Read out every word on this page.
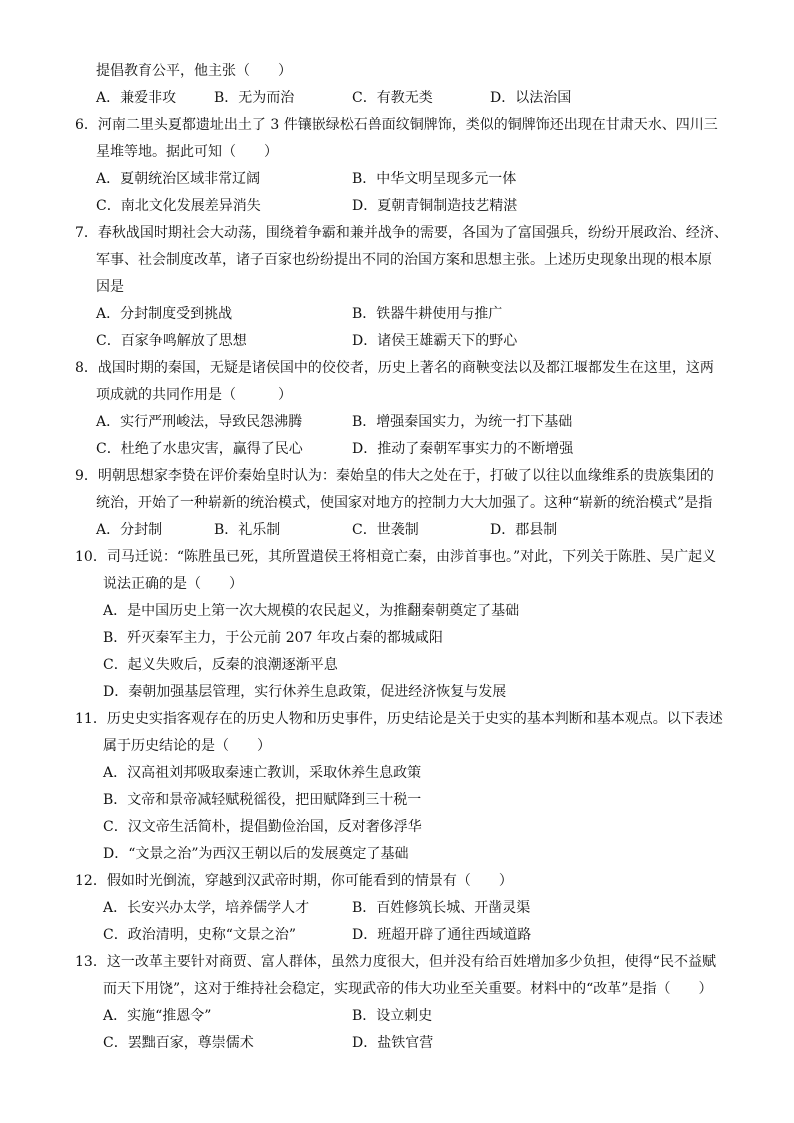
提倡教育公平，他主张（　　）
A．兼爱非攻	B．无为而治	C．有教无类	D．以法治国
6．河南二里头夏都遗址出土了 3 件镶嵌绿松石兽面纹铜牌饰，类似的铜牌饰还出现在甘肃天水、四川三
星堆等地。据此可知（　　）
A．夏朝统治区域非常辽阔	B．中华文明呈现多元一体
C．南北文化发展差异消失	D．夏朝青铜制造技艺精湛
7．春秋战国时期社会大动荡，围绕着争霸和兼并战争的需要，各国为了富国强兵，纷纷开展政治、经济、
军事、社会制度改革，诸子百家也纷纷提出不同的治国方案和思想主张。上述历史现象出现的根本原
因是
A．分封制度受到挑战	B．铁器牛耕使用与推广
C．百家争鸣解放了思想	D．诸侯王雄霸天下的野心
8．战国时期的秦国，无疑是诸侯国中的佼佼者，历史上著名的商鞅变法以及都江堰都发生在这里，这两
项成就的共同作用是（　　　）
A．实行严刑峻法，导致民怨沸腾	B．增强秦国实力，为统一打下基础
C．杜绝了水患灾害，赢得了民心	D．推动了秦朝军事实力的不断增强
9．明朝思想家李贽在评价秦始皇时认为：秦始皇的伟大之处在于，打破了以往以血缘维系的贵族集团的
统治，开始了一种崭新的统治模式，使国家对地方的控制力大大加强了。这种“崭新的统治模式”是指
A．分封制	B．礼乐制	C．世袭制	D．郡县制
10．司马迁说：“陈胜虽已死，其所置遣侯王将相竟亡秦，由涉首事也。”对此，下列关于陈胜、吴广起义
说法正确的是（　　）
A．是中国历史上第一次大规模的农民起义，为推翻秦朝奠定了基础
B．歼灭秦军主力，于公元前 207 年攻占秦的都城咸阳
C．起义失败后，反秦的浪潮逐渐平息
D．秦朝加强基层管理，实行休养生息政策，促进经济恢复与发展
11．历史史实指客观存在的历史人物和历史事件，历史结论是关于史实的基本判断和基本观点。以下表述
属于历史结论的是（　　）
A．汉高祖刘邦吸取秦速亡教训，采取休养生息政策
B．文帝和景帝减轻赋税徭役，把田赋降到三十税一
C．汉文帝生活简朴，提倡勤俭治国，反对奢侈浮华
D．“文景之治”为西汉王朝以后的发展奠定了基础
12．假如时光倒流，穿越到汉武帝时期，你可能看到的情景有（　　）
A．长安兴办太学，培养儒学人才	B．百姓修筑长城、开凿灵渠
C．政治清明，史称“文景之治”	D．班超开辟了通往西域道路
13．这一改革主要针对商贾、富人群体，虽然力度很大，但并没有给百姓增加多少负担，使得“民不益赋
而天下用饶”，这对于维持社会稳定，实现武帝的伟大功业至关重要。材料中的“改革”是指（　　）
A．实施“推恩令”	B．设立刺史
C．罢黜百家，尊崇儒术	D．盐铁官营
